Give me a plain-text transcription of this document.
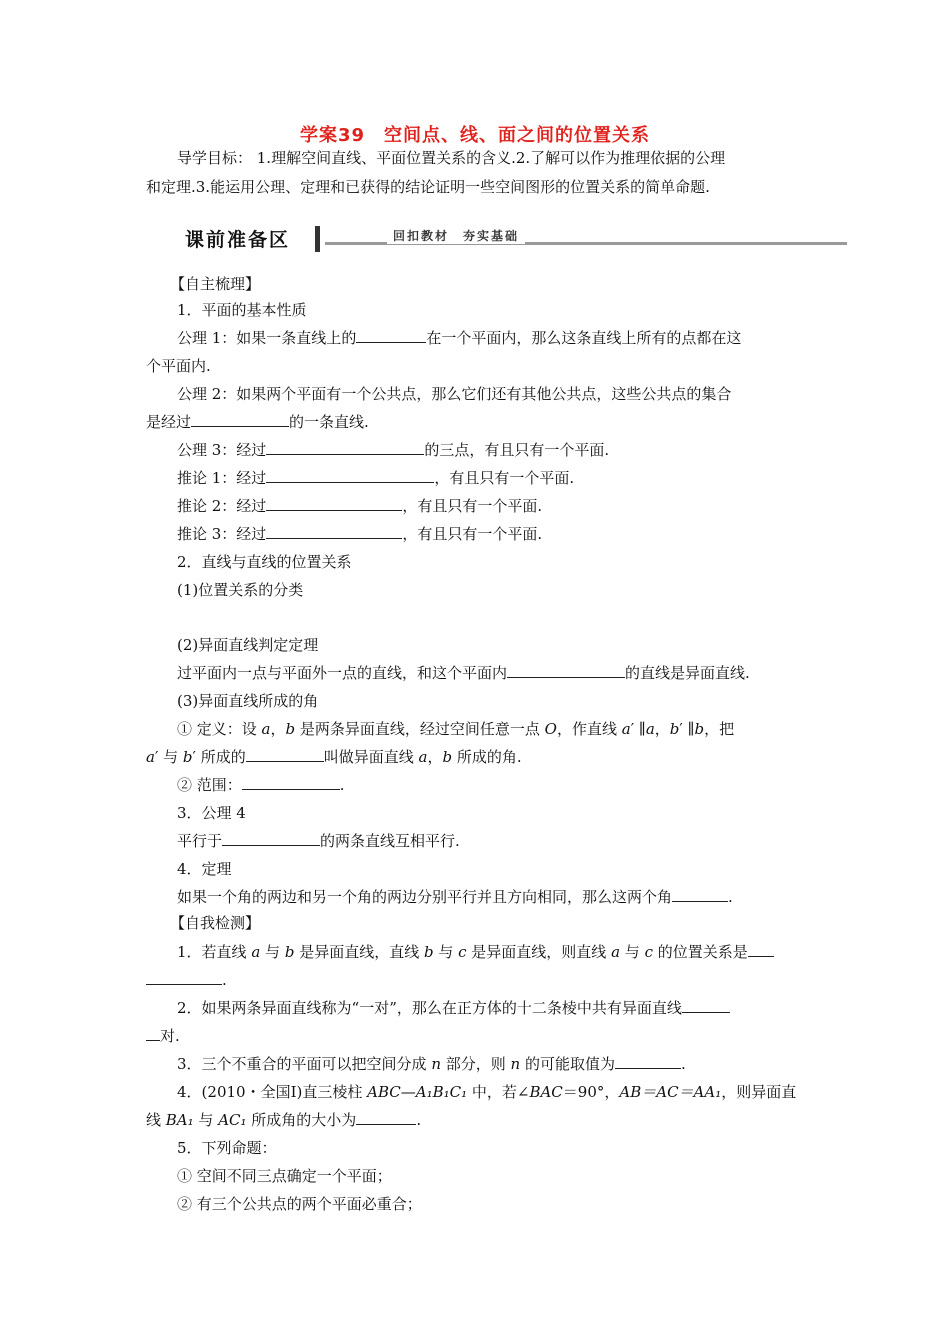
学案39　空间点、线、面之间的位置关系
导学目标： 1.理解空间直线、平面位置关系的含义.2.了解可以作为推理依据的公理
和定理.3.能运用公理、定理和已获得的结论证明一些空间图形的位置关系的简单命题.
课前准备区	回扣教材　夯实基础
【自主梳理】
1．平面的基本性质
公理 1：如果一条直线上的	在一个平面内，那么这条直线上所有的点都在这
个平面内.
公理 2：如果两个平面有一个公共点，那么它们还有其他公共点，这些公共点的集合
是经过	的一条直线.
公理 3：经过	的三点，有且只有一个平面.
推论 1：经过	，有且只有一个平面.
推论 2：经过	，有且只有一个平面.
推论 3：经过	，有且只有一个平面.
2．直线与直线的位置关系
(1)位置关系的分类
(2)异面直线判定定理
过平面内一点与平面外一点的直线，和这个平面内	的直线是异面直线.
(3)异面直线所成的角
① 定义：设 a，b 是两条异面直线，经过空间任意一点 O，作直线 a′ ∥a，b′ ∥b，把
a′ 与 b′ 所成的	叫做异面直线 a，b 所成的角.
② 范围：	.
3．公理 4
平行于	的两条直线互相平行.
4．定理
如果一个角的两边和另一个角的两边分别平行并且方向相同，那么这两个角	.
【自我检测】
1．若直线 a 与 b 是异面直线，直线 b 与 c 是异面直线，则直线 a 与 c 的位置关系是
.
2．如果两条异面直线称为“一对”，那么在正方体的十二条棱中共有异面直线
对.
3．三个不重合的平面可以把空间分成 n 部分，则 n 的可能取值为	.
4．(2010・全国Ⅰ)直三棱柱 ABC—A₁B₁C₁ 中，若∠BAC＝90°，AB＝AC＝AA₁，则异面直
线 BA₁ 与 AC₁ 所成角的大小为	.
5．下列命题：
① 空间不同三点确定一个平面；
② 有三个公共点的两个平面必重合；
